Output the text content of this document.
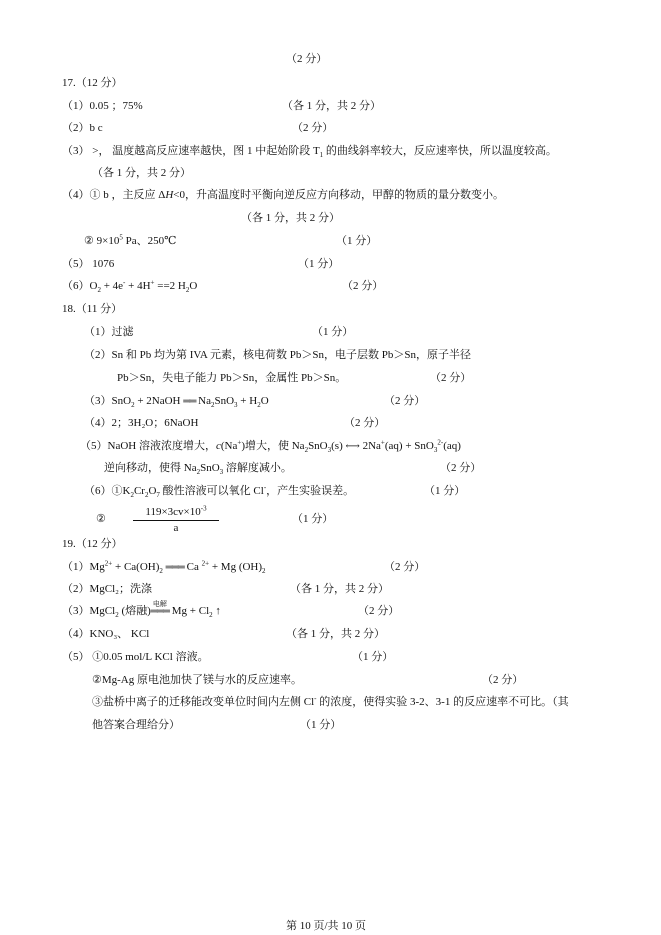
（2 分）
17.（12 分）
（1）0.05 ；75%	（各 1 分，共 2 分）
（2）b c	（2 分）
（3） >， 温度越高反应速率越快，图 1 中起始阶段 $T_1$ 的曲线斜率较大，反应速率快，所以温度较高。
（各 1 分，共 2 分）
（4）① b ，主反应 ΔH<0，升高温度时平衡向逆反应方向移动，甲醇的物质的量分数变小。
（各 1 分，共 2 分）
② $9\times 10^5$ Pa、250℃	（1 分）
（5） 1076	（1 分）
$(6)O_2 + 4e^- + 4H^+ ==2$ $H_2O$	（2 分）
18.（11 分）
（1）过滤	（1 分）
（2）Sn 和 Pb 均为第 IVA 元素，核电荷数 Pb＞Sn，电子层数 Pb＞Sn，原子半径
Pb＞Sn，失电子能力 Pb＞Sn，金属性 Pb＞Sn。	（2 分）
（3）SnO$_2$ + 2NaOH ══ $Na_2SnO_3 + H_2O$	（2 分）
（4）2；3H₂O；6NaOH	（2 分）
（5）NaOH 溶液浓度增大，c(Na+)增大，使 $Na_2SnO_3(s)$ ⟷ 2Na+(aq) + SnO$_3^{2-}$(aq)
逆向移动，使得 $Na_2SnO_3$ 溶解度减小。	（2 分）
$(6)①K_2Cr_2O_7$ 酸性溶液可以氧化 Cl-，产生实验误差。	（1 分）
② $\frac{119\times 3cv\times 10^{-3}}{a}$	（1 分）
19.（12 分）
$(1)Mg^{2+} + Ca(OH)_2$ ═══ Ca $^{2+}$ + Mg $(OH)_2$	（2 分）
（2）MgCl₂；洗涤	（各 1 分，共 2 分）
（3）MgCl$_2$ (熔融)
电解
═══ $Mg + Cl_2$ ↑	（2 分）
（4）KNO₃、 KCl	（各 1 分，共 2 分）
（5） ①0.05 mol/L KCl 溶液。	（1 分）
②Mg-Ag 原电池加快了镁与水的反应速率。	（2 分）
③盐桥中离子的迁移能改变单位时间内左侧 Cl- 的浓度，使得实验 3-2、3-1 的反应速率不可比。（其
他答案合理给分）	（1 分）
第 10 页/共 10 页
